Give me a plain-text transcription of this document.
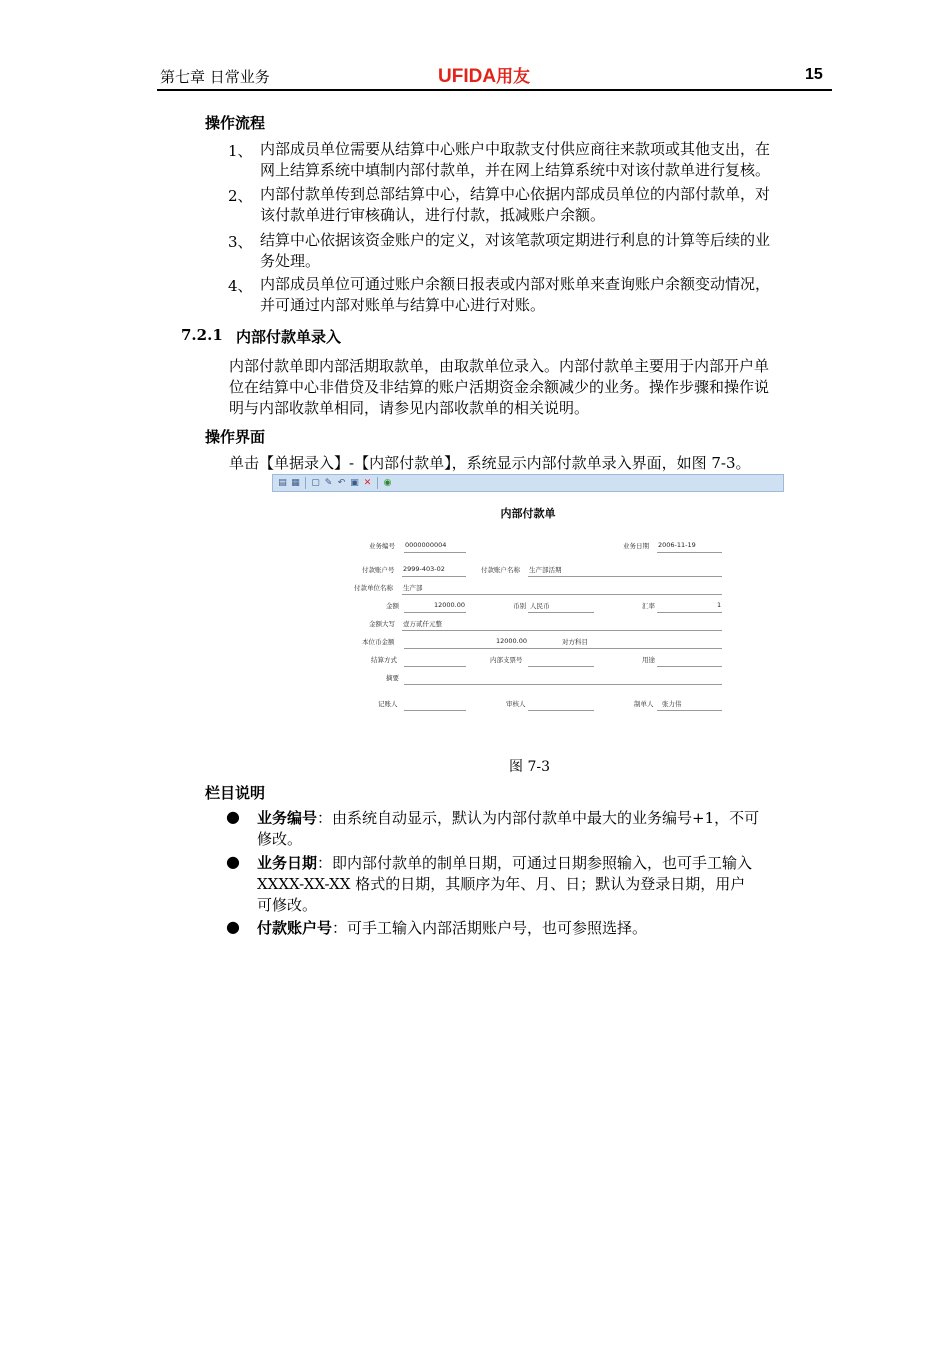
第七章 日常业务	UFIDA用友	15
操作流程
1、 内部成员单位需要从结算中心账户中取款支付供应商往来款项或其他支出，在
网上结算系统中填制内部付款单，并在网上结算系统中对该付款单进行复核。
2、 内部付款单传到总部结算中心，结算中心依据内部成员单位的内部付款单，对
该付款单进行审核确认，进行付款，抵减账户余额。
3、 结算中心依据该资金账户的定义，对该笔款项定期进行利息的计算等后续的业
务处理。
4、 内部成员单位可通过账户余额日报表或内部对账单来查询账户余额变动情况，
并可通过内部对账单与结算中心进行对账。
7.2.1 内部付款单录入
内部付款单即内部活期取款单，由取款单位录入。内部付款单主要用于内部开户单
位在结算中心非借贷及非结算的账户活期资金余额减少的业务。操作步骤和操作说
明与内部收款单相同，请参见内部收款单的相关说明。
操作界面
单击【单据录入】-【内部付款单】，系统显示内部付款单录入界面，如图 7-3。
▤ ▦ ▢ ✎ ↶ ▣ ✕ ◉
内部付款单
业务编号 0000000004	业务日期 2006-11-19
付款账户号 2999-403-02	付款账户名称 生产部活期
付款单位名称 生产部
金额	12000.00	币别 人民币	汇率	1
金额大写 壹万贰仟元整
本位币金额	12000.00	对方科目
结算方式	内部支票号	用途
摘要
记账人	审核人	制单人 张力伟
图 7-3
栏目说明
● 业务编号：由系统自动显示，默认为内部付款单中最大的业务编号+1，不可
修改。
● 业务日期：即内部付款单的制单日期，可通过日期参照输入，也可手工输入
XXXX-XX-XX 格式的日期，其顺序为年、月、日；默认为登录日期，用户
可修改。
● 付款账户号：可手工输入内部活期账户号，也可参照选择。
